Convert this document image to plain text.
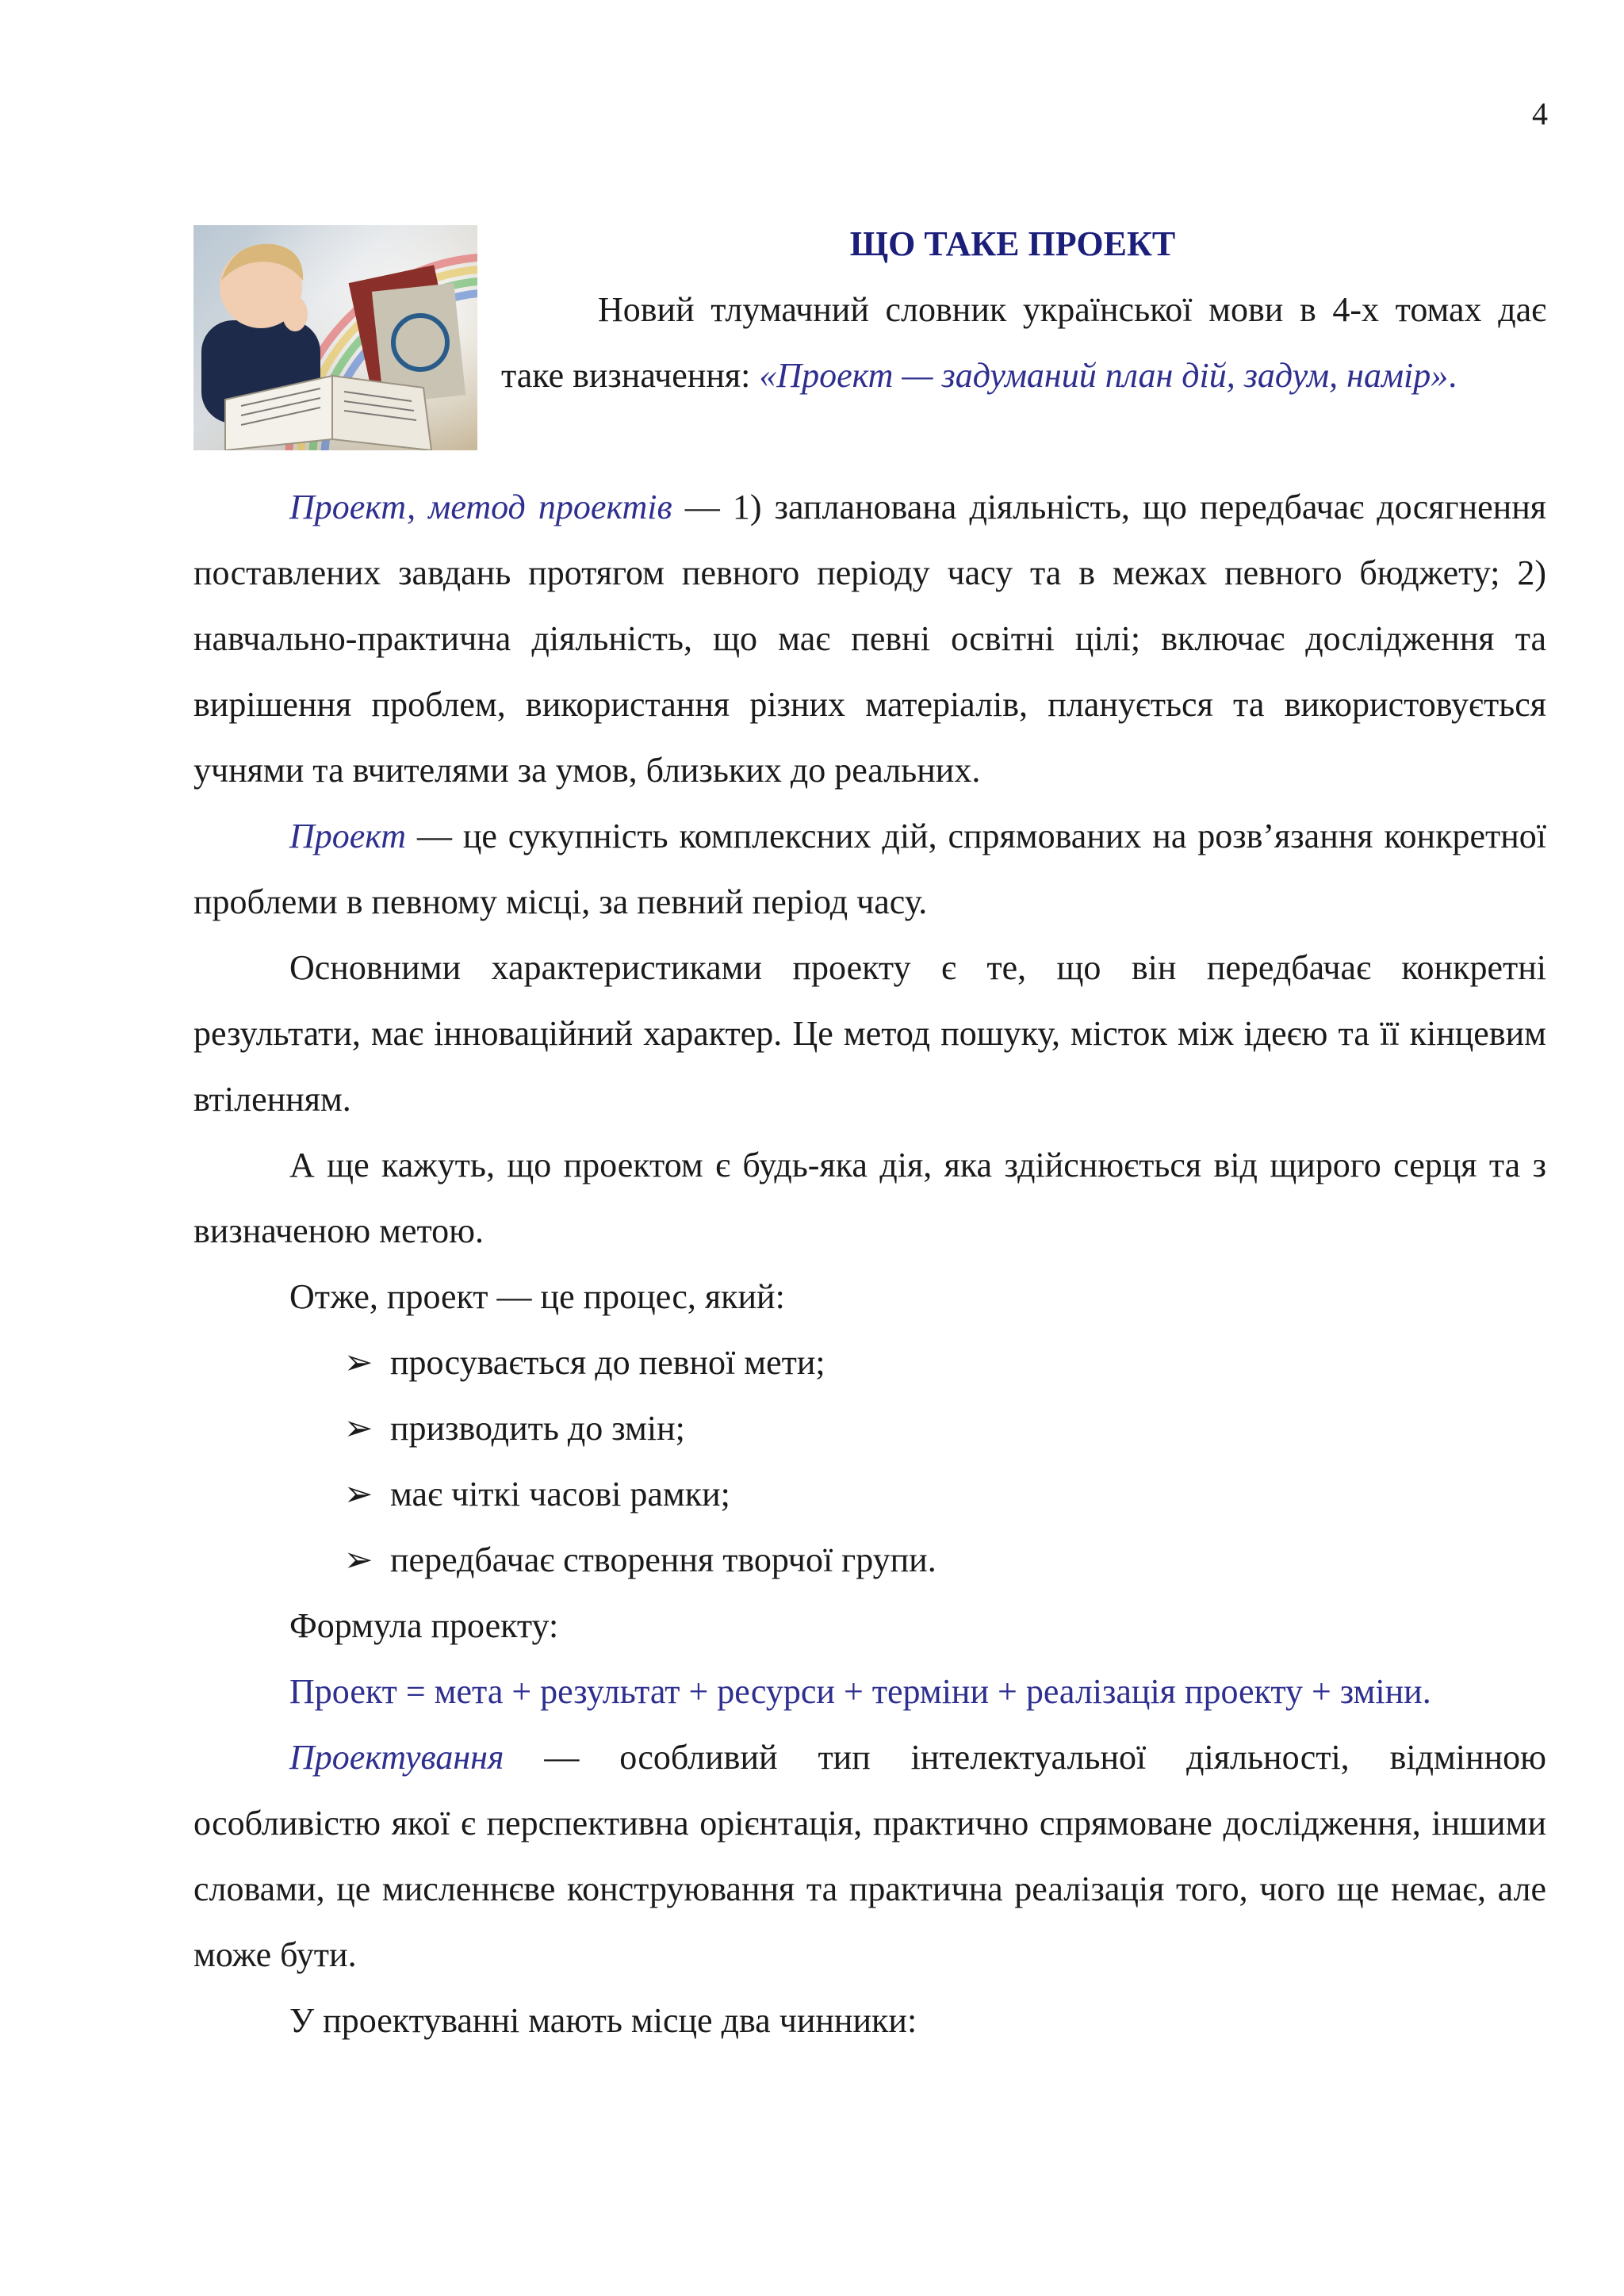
4
ЩО ТАКЕ ПРОЕКТ

Новий тлумачний словник української мови в 4-х томах дає таке визначення: «Проект — задуманий план дій, задум, намір».

Проект, метод проектів — 1) запланована діяльність, що передбачає досягнення поставлених завдань протягом певного періоду часу та в межах певного бюджету; 2) навчально-практична діяльність, що має певні освітні цілі; включає дослідження та вирішення проблем, використання різних матеріалів, планується та використовується учнями та вчителями за умов, близьких до реальних.

Проект — це сукупність комплексних дій, спрямованих на розв’язання конкретної проблеми в певному місці, за певний період часу.

Основними характеристиками проекту є те, що він передбачає конкретні результати, має інноваційний характер. Це метод пошуку, місток між ідеєю та її кінцевим втіленням.

А ще кажуть, що проектом є будь-яка дія, яка здійснюється від щирого серця та з визначеною метою.

Отже, проект — це процес, який:

➢ просувається до певної мети;
➢ призводить до змін;
➢ має чіткі часові рамки;
➢ передбачає створення творчої групи.

Формула проекту:

Проект = мета + результат + ресурси + терміни + реалізація проекту + зміни.

Проектування — особливий тип інтелектуальної діяльності, відмінною особливістю якої є перспективна орієнтація, практично спрямоване дослідження, іншими словами, це мисленнєве конструювання та практична реалізація того, чого ще немає, але може бути.

У проектуванні мають місце два чинники:
